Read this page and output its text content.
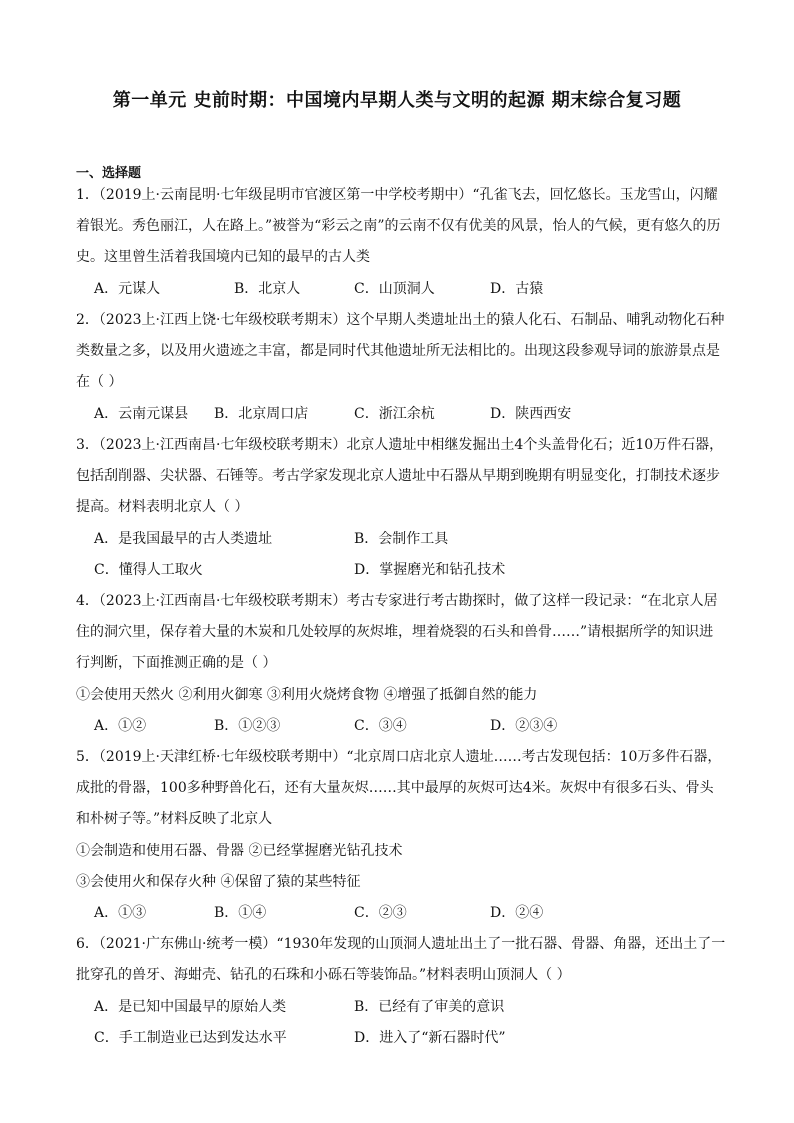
第一单元 史前时期：中国境内早期人类与文明的起源 期末综合复习题
一、选择题

1．（2019上·云南昆明·七年级昆明市官渡区第一中学校考期中）“孔雀飞去，回忆悠长。玉龙雪山，闪耀着银光。秀色丽江，人在路上。”被誉为“彩云之南”的云南不仅有优美的风景，怡人的气候，更有悠久的历史。这里曾生活着我国境内已知的最早的古人类

A．元谋人	B．北京人	C．山顶洞人	D．古猿

2．（2023上·江西上饶·七年级校联考期末）这个早期人类遗址出土的猿人化石、石制品、哺乳动物化石种类数量之多，以及用火遗迹之丰富，都是同时代其他遗址所无法相比的。出现这段参观导词的旅游景点是在（ ）

A．云南元谋县 B．北京周口店	C．浙江余杭	D．陕西西安

3．（2023上·江西南昌·七年级校联考期末）北京人遗址中相继发掘出土4个头盖骨化石；近10万件石器，包括刮削器、尖状器、石锤等。考古学家发现北京人遗址中石器从早期到晚期有明显变化，打制技术逐步提高。材料表明北京人（ ）

A．是我国最早的古人类遗址	B．会制作工具
C．懂得人工取火	D．掌握磨光和钻孔技术

4．（2023上·江西南昌·七年级校联考期末）考古专家进行考古勘探时，做了这样一段记录：“在北京人居住的洞穴里，保存着大量的木炭和几处较厚的灰烬堆，埋着烧裂的石头和兽骨……”请根据所学的知识进行判断，下面推测正确的是（ ）

①会使用天然火 ②利用火御寒 ③利用火烧烤食物 ④增强了抵御自然的能力
A．①②	B．①②③	C．③④	D．②③④

5．（2019上·天津红桥·七年级校联考期中）“北京周口店北京人遗址……考古发现包括：10万多件石器，成批的骨器，100多种野兽化石，还有大量灰烬……其中最厚的灰烬可达4米。灰烬中有很多石头、骨头和朴树子等。”材料反映了北京人

①会制造和使用石器、骨器 ②已经掌握磨光钻孔技术
③会使用火和保存火种 ④保留了猿的某些特征
A．①③	B．①④	C．②③	D．②④

6．（2021·广东佛山·统考一模）“1930年发现的山顶洞人遗址出土了一批石器、骨器、角器，还出土了一批穿孔的兽牙、海蚶壳、钻孔的石珠和小砾石等装饰品。”材料表明山顶洞人（ ）

A．是已知中国最早的原始人类	B．已经有了审美的意识
C．手工制造业已达到发达水平	D．进入了“新石器时代”
